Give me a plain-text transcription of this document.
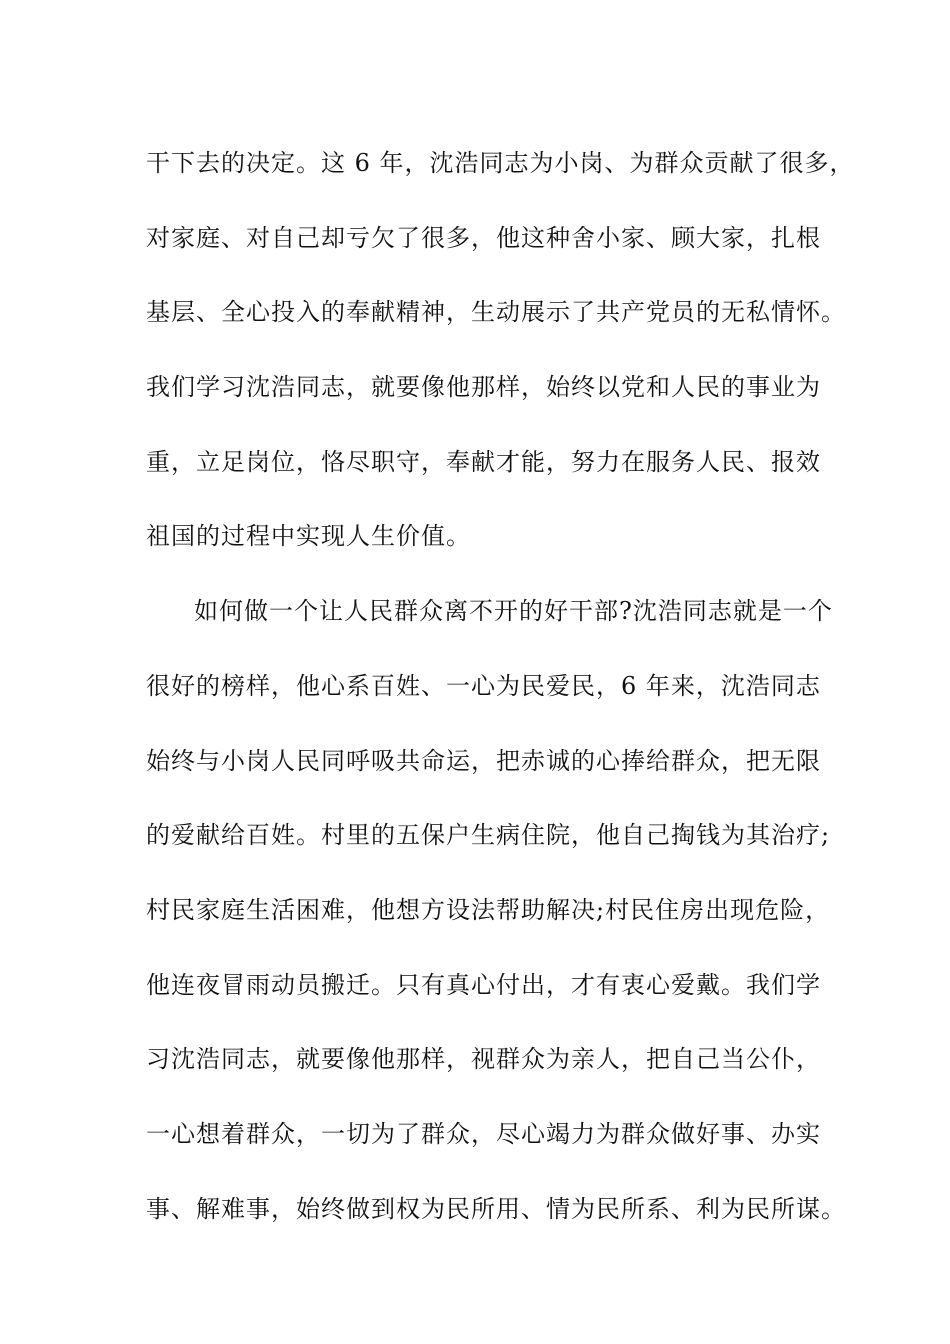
干下去的决定。这 6 年，沈浩同志为小岗、为群众贡献了很多，
对家庭、对自己却亏欠了很多，他这种舍小家、顾大家，扎根
基层、全心投入的奉献精神，生动展示了共产党员的无私情怀。
我们学习沈浩同志，就要像他那样，始终以党和人民的事业为
重，立足岗位，恪尽职守，奉献才能，努力在服务人民、报效
祖国的过程中实现人生价值。
如何做一个让人民群众离不开的好干部?沈浩同志就是一个
很好的榜样，他心系百姓、一心为民爱民，6 年来，沈浩同志
始终与小岗人民同呼吸共命运，把赤诚的心捧给群众，把无限
的爱献给百姓。村里的五保户生病住院，他自己掏钱为其治疗;
村民家庭生活困难，他想方设法帮助解决;村民住房出现危险，
他连夜冒雨动员搬迁。只有真心付出，才有衷心爱戴。我们学
习沈浩同志，就要像他那样，视群众为亲人，把自己当公仆，
一心想着群众，一切为了群众，尽心竭力为群众做好事、办实
事、解难事，始终做到权为民所用、情为民所系、利为民所谋。
